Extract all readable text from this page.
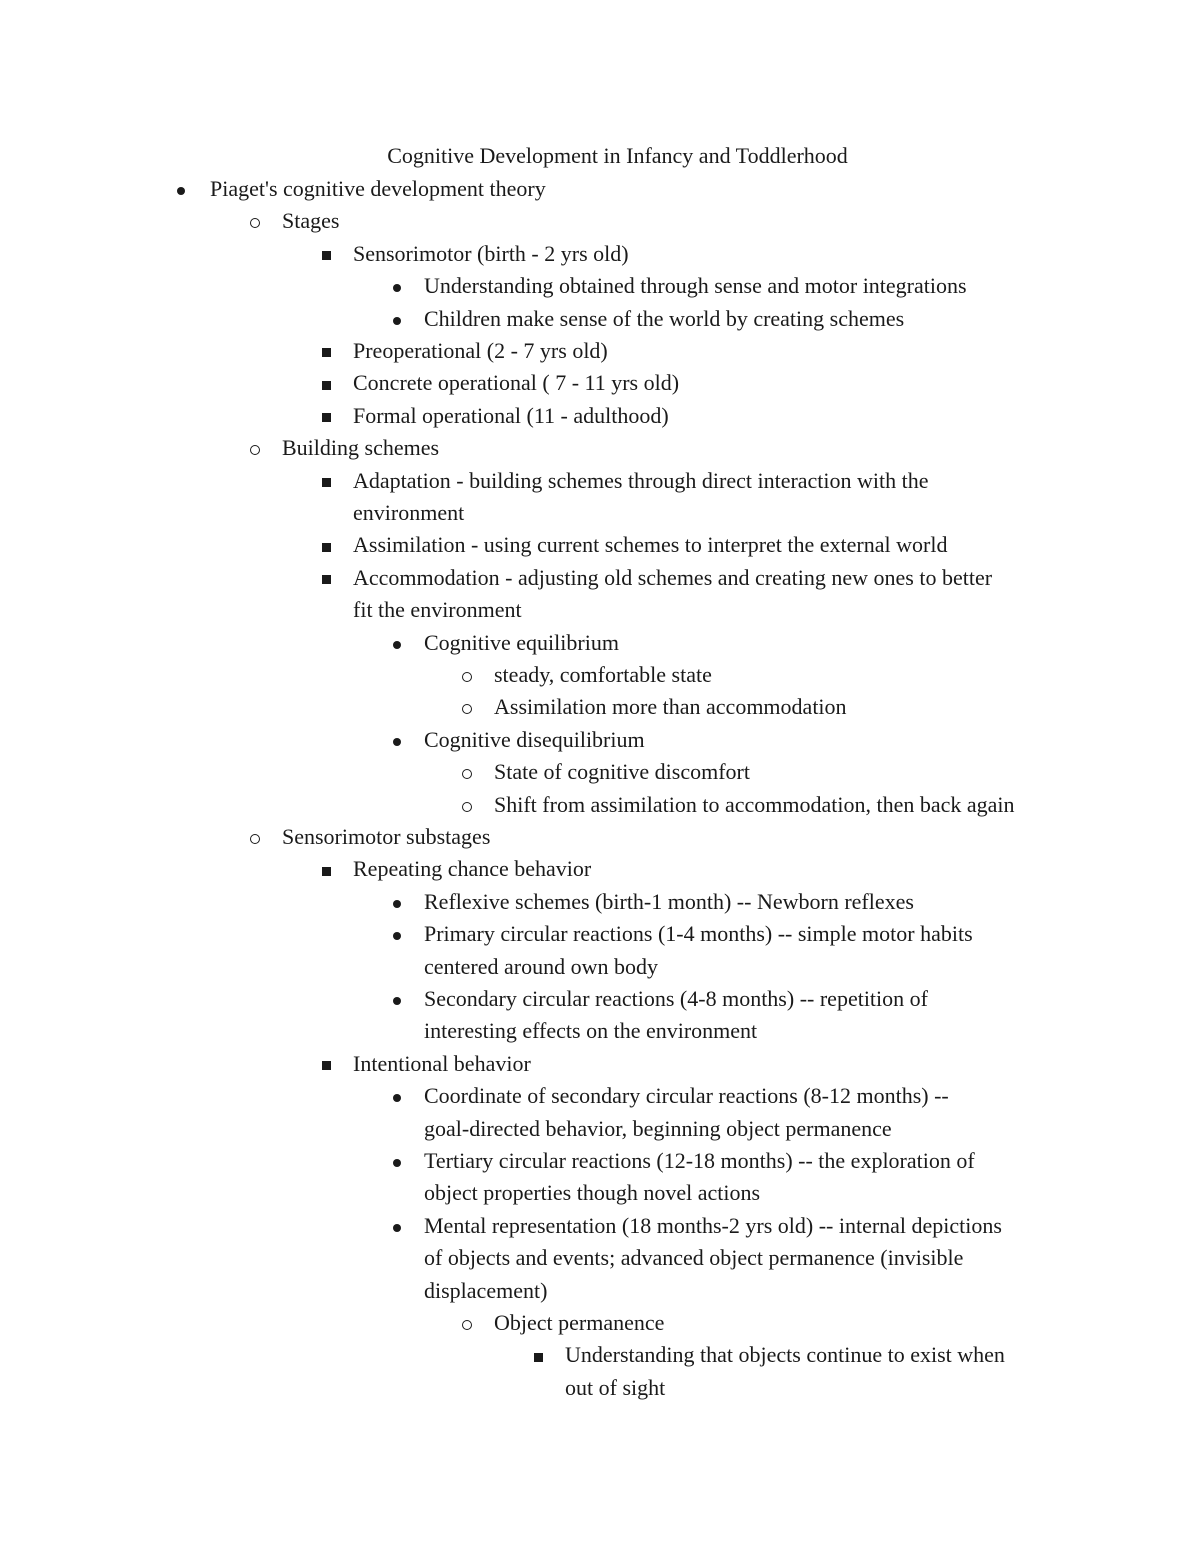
Cognitive Development in Infancy and Toddlerhood
Piaget's cognitive development theory
Stages
Sensorimotor (birth - 2 yrs old)
Understanding obtained through sense and motor integrations
Children make sense of the world by creating schemes
Preoperational (2 - 7 yrs old)
Concrete operational ( 7 - 11 yrs old)
Formal operational (11 - adulthood)
Building schemes
Adaptation - building schemes through direct interaction with the
environment
Assimilation - using current schemes to interpret the external world
Accommodation - adjusting old schemes and creating new ones to better
fit the environment
Cognitive equilibrium
steady, comfortable state
Assimilation more than accommodation
Cognitive disequilibrium
State of cognitive discomfort
Shift from assimilation to accommodation, then back again
Sensorimotor substages
Repeating chance behavior
Reflexive schemes (birth-1 month) -- Newborn reflexes
Primary circular reactions (1-4 months) -- simple motor habits
centered around own body
Secondary circular reactions (4-8 months) -- repetition of
interesting effects on the environment
Intentional behavior
Coordinate of secondary circular reactions (8-12 months) --
goal-directed behavior, beginning object permanence
Tertiary circular reactions (12-18 months) -- the exploration of
object properties though novel actions
Mental representation (18 months-2 yrs old) -- internal depictions
of objects and events; advanced object permanence (invisible
displacement)
Object permanence
Understanding that objects continue to exist when
out of sight
